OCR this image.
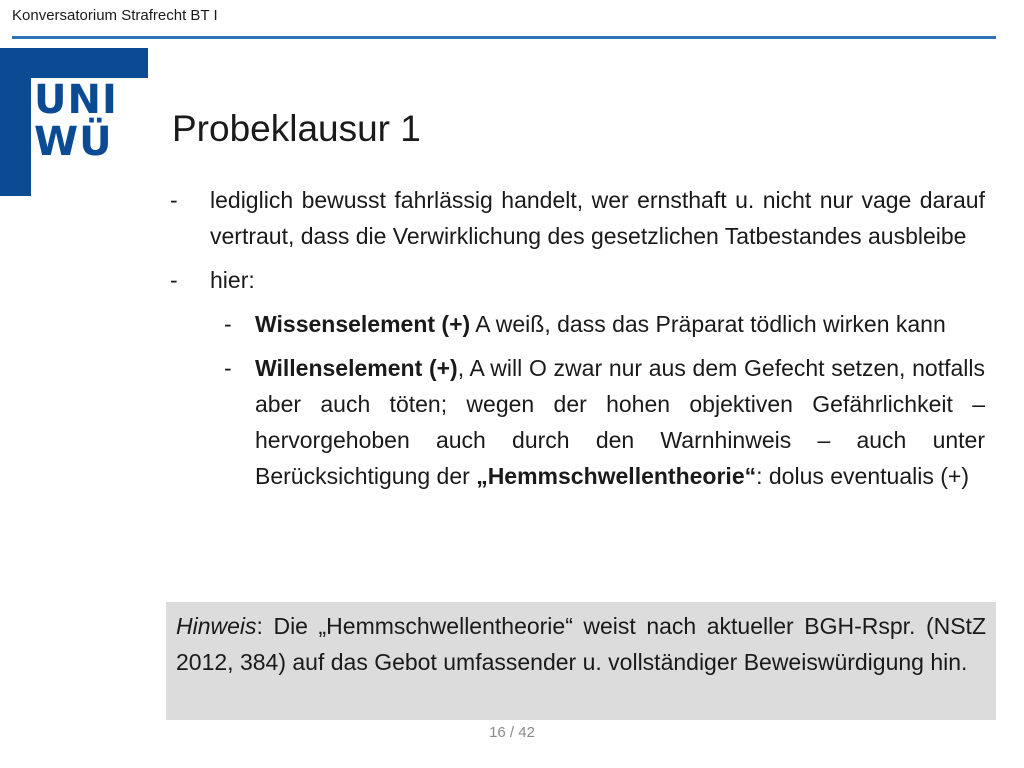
Konversatorium Strafrecht BT I
UNI
WÜ	Probeklausur 1
- lediglich bewusst fahrlässig handelt, wer ernsthaft u. nicht nur vage darauf vertraut, dass die Verwirklichung des gesetzlichen Tatbestandes ausbleibe
- hier:
- Wissenselement (+) A weiß, dass das Präparat tödlich wirken kann
- Willenselement (+), A will O zwar nur aus dem Gefecht setzen, notfalls aber auch töten; wegen der hohen objektiven Gefährlichkeit – hervorgehoben auch durch den Warnhinweis – auch unter Berücksichtigung der „Hemmschwellentheorie“: dolus eventualis (+)
Hinweis: Die „Hemmschwellentheorie“ weist nach aktueller BGH-Rspr. (NStZ 2012, 384) auf das Gebot umfassender u. vollständiger Beweiswürdigung hin.
16 / 42
